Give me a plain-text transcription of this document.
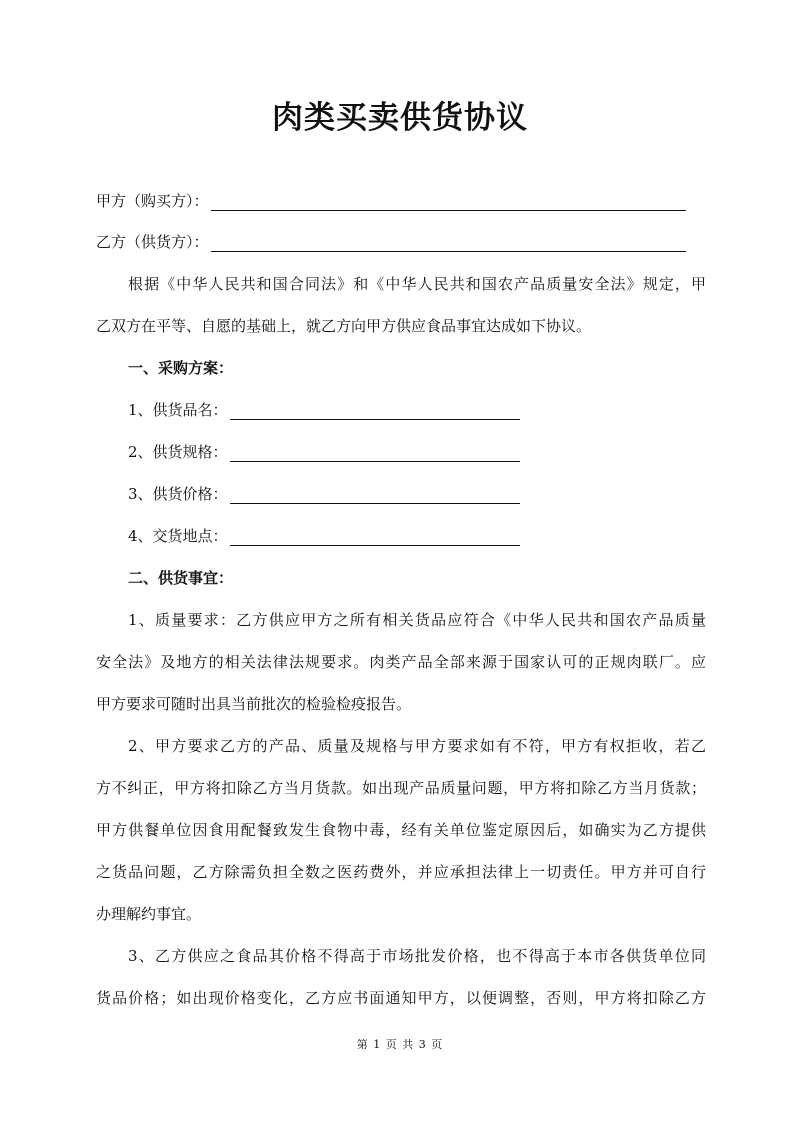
肉类买卖供货协议
甲方（购买方）：
乙方（供货方）：
根据《中华人民共和国合同法》和《中华人民共和国农产品质量安全法》规定，甲
乙双方在平等、自愿的基础上，就乙方向甲方供应食品事宜达成如下协议。
一、采购方案：
1、供货品名：
2、供货规格：
3、供货价格：
4、交货地点：
二、供货事宜：
1、质量要求：乙方供应甲方之所有相关货品应符合《中华人民共和国农产品质量
安全法》及地方的相关法律法规要求。肉类产品全部来源于国家认可的正规肉联厂。应
甲方要求可随时出具当前批次的检验检疫报告。
2、甲方要求乙方的产品、质量及规格与甲方要求如有不符，甲方有权拒收，若乙
方不纠正，甲方将扣除乙方当月货款。如出现产品质量问题，甲方将扣除乙方当月货款；
甲方供餐单位因食用配餐致发生食物中毒，经有关单位鉴定原因后，如确实为乙方提供
之货品问题，乙方除需负担全数之医药费外，并应承担法律上一切责任。甲方并可自行
办理解约事宜。
3、乙方供应之食品其价格不得高于市场批发价格，也不得高于本市各供货单位同
货品价格；如出现价格变化，乙方应书面通知甲方，以便调整，否则，甲方将扣除乙方
第 1 页 共 3 页
